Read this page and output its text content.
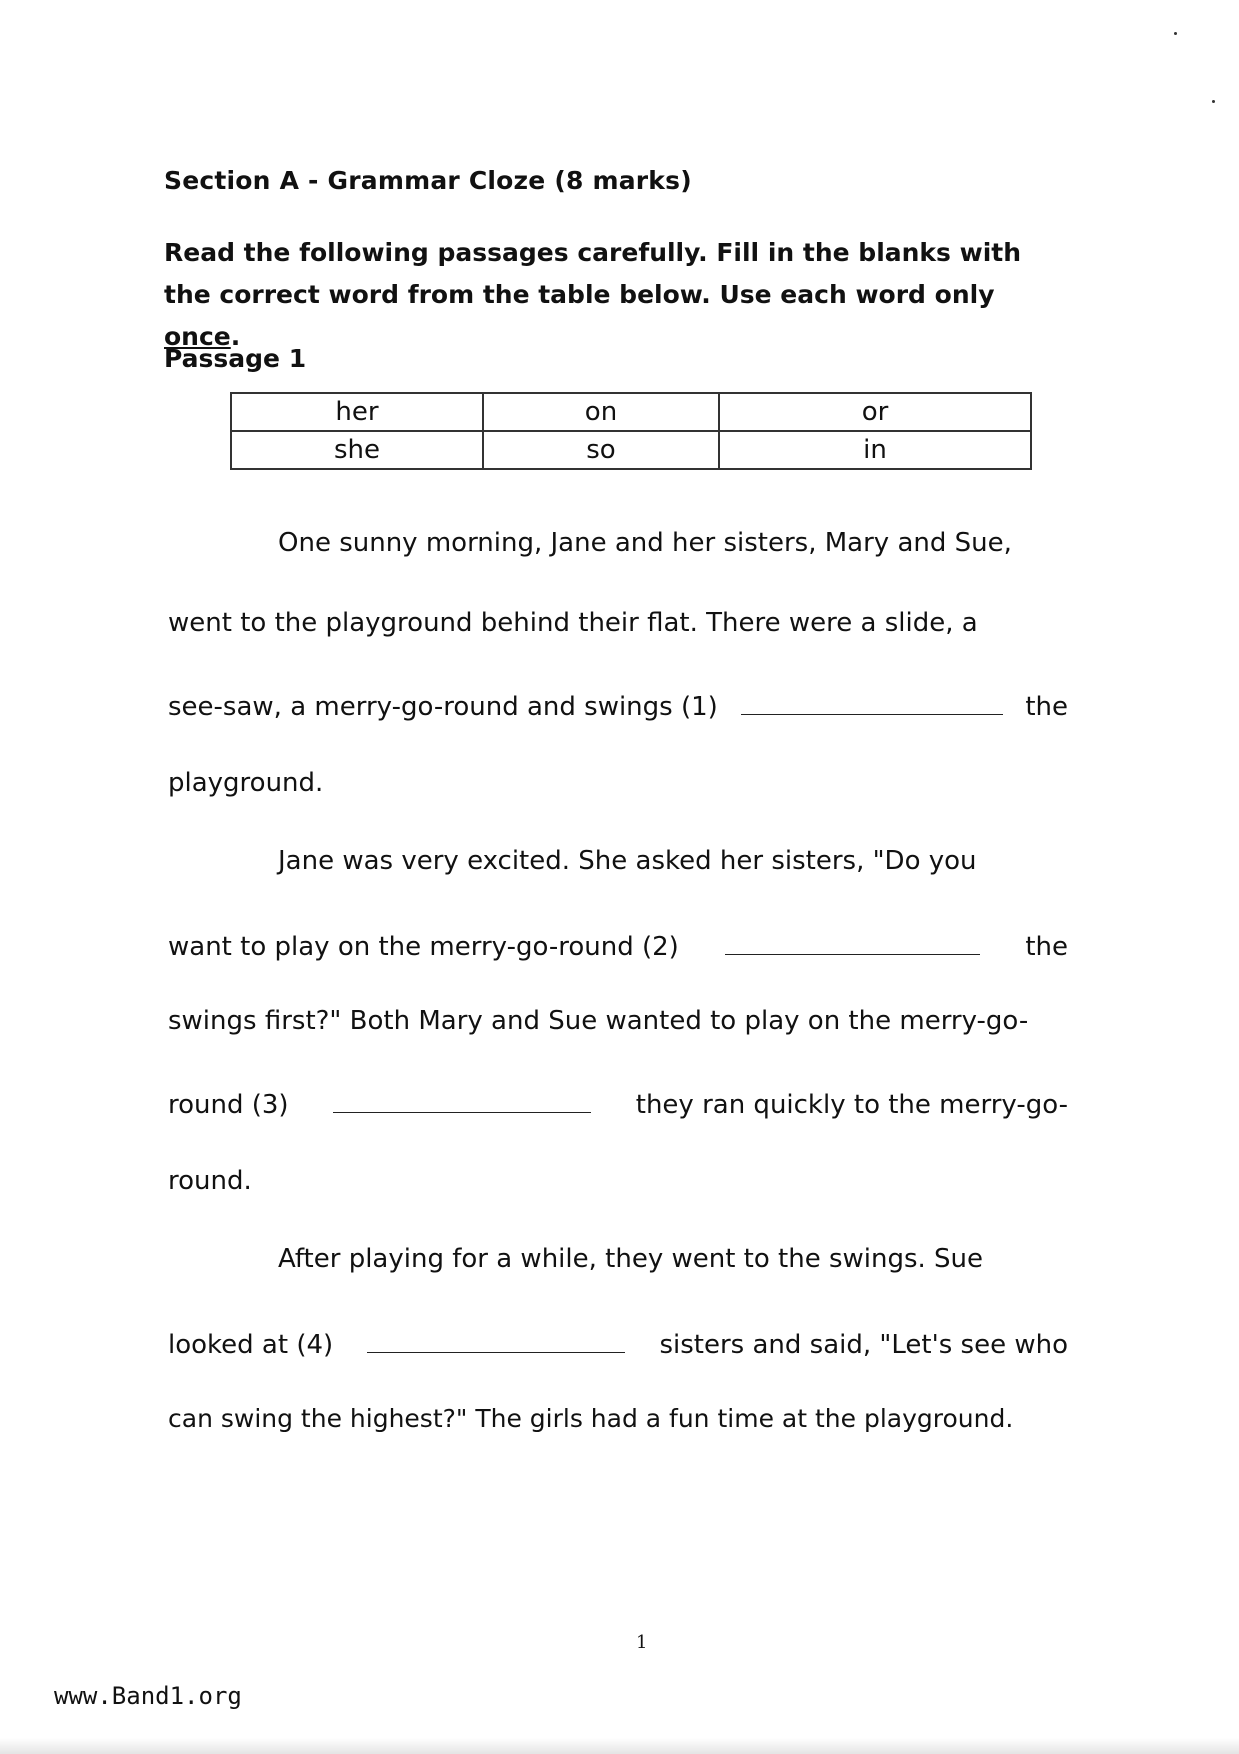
Section A - Grammar Cloze (8 marks)
Read the following passages carefully. Fill in the blanks with the correct word from the table below. Use each word only once.
Passage 1
her	on	or
she	so	in
One sunny morning, Jane and her sisters, Mary and Sue,
went to the playground behind their flat. There were a slide, a
see-saw, a merry-go-round and swings (1)	the
playground.
Jane was very excited. She asked her sisters, "Do you
want to play on the merry-go-round (2)	the
swings first?" Both Mary and Sue wanted to play on the merry-go-
round (3)	they ran quickly to the merry-go-
round.
After playing for a while, they went to the swings. Sue
looked at (4)	sisters and said, "Let's see who
can swing the highest?" The girls had a fun time at the playground.
1
www.Band1.org
